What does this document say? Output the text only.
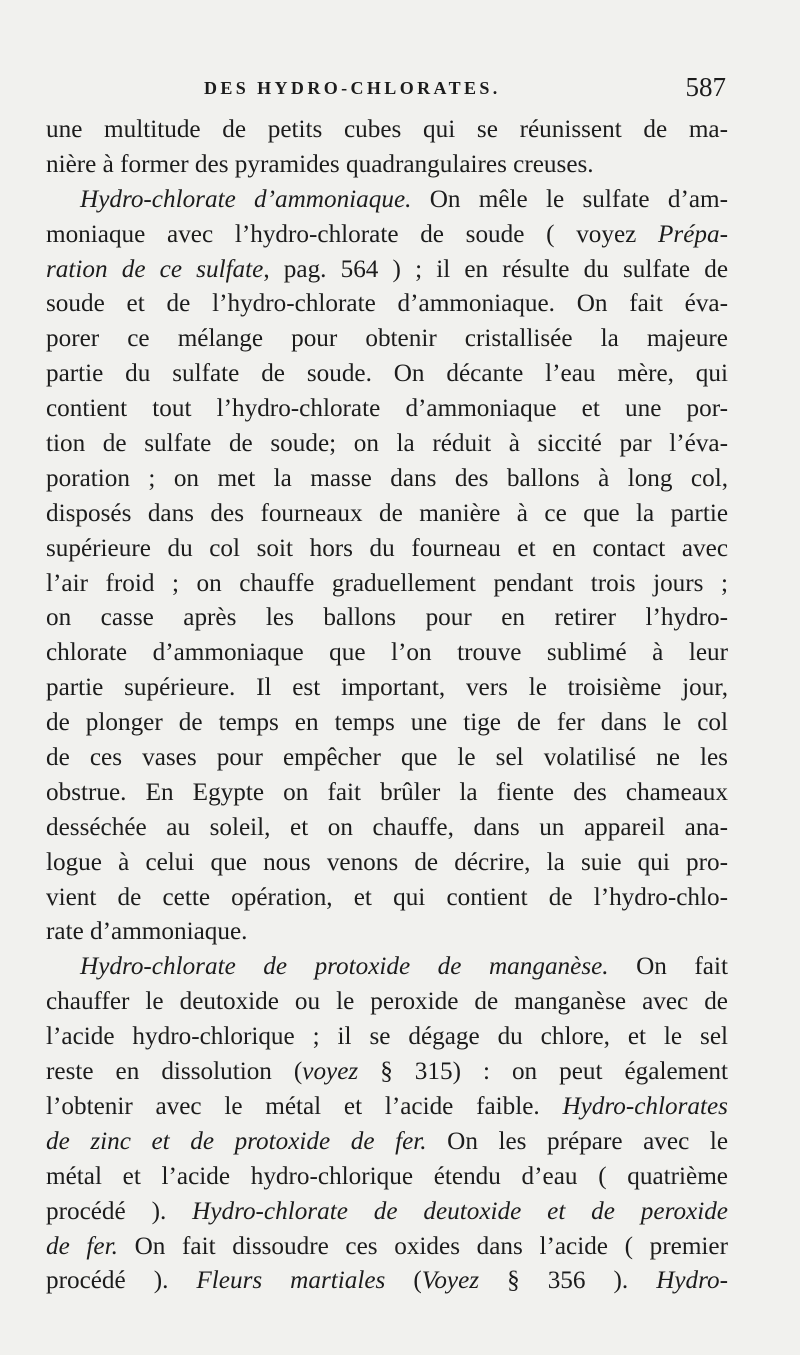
DES HYDRO-CHLORATES.	587
une multitude de petits cubes qui se réunissent de ma-
nière à former des pyramides quadrangulaires creuses.
Hydro-chlorate d’ammoniaque. On mêle le sulfate d’am-
moniaque avec l’hydro-chlorate de soude ( voyez Prépa-
ration de ce sulfate, pag. 564 ) ; il en résulte du sulfate de
soude et de l’hydro-chlorate d’ammoniaque. On fait éva-
porer ce mélange pour obtenir cristallisée la majeure
partie du sulfate de soude. On décante l’eau mère, qui
contient tout l’hydro-chlorate d’ammoniaque et une por-
tion de sulfate de soude; on la réduit à siccité par l’éva-
poration ; on met la masse dans des ballons à long col,
disposés dans des fourneaux de manière à ce que la partie
supérieure du col soit hors du fourneau et en contact avec
l’air froid ; on chauffe graduellement pendant trois jours ;
on casse après les ballons pour en retirer l’hydro-
chlorate d’ammoniaque que l’on trouve sublimé à leur
partie supérieure. Il est important, vers le troisième jour,
de plonger de temps en temps une tige de fer dans le col
de ces vases pour empêcher que le sel volatilisé ne les
obstrue. En Egypte on fait brûler la fiente des chameaux
desséchée au soleil, et on chauffe, dans un appareil ana-
logue à celui que nous venons de décrire, la suie qui pro-
vient de cette opération, et qui contient de l’hydro-chlo-
rate d’ammoniaque.
Hydro-chlorate de protoxide de manganèse. On fait
chauffer le deutoxide ou le peroxide de manganèse avec de
l’acide hydro-chlorique ; il se dégage du chlore, et le sel
reste en dissolution (voyez § 315) : on peut également
l’obtenir avec le métal et l’acide faible. Hydro-chlorates
de zinc et de protoxide de fer. On les prépare avec le
métal et l’acide hydro-chlorique étendu d’eau ( quatrième
procédé ). Hydro-chlorate de deutoxide et de peroxide
de fer. On fait dissoudre ces oxides dans l’acide ( premier
procédé ). Fleurs martiales (Voyez § 356 ). Hydro-
